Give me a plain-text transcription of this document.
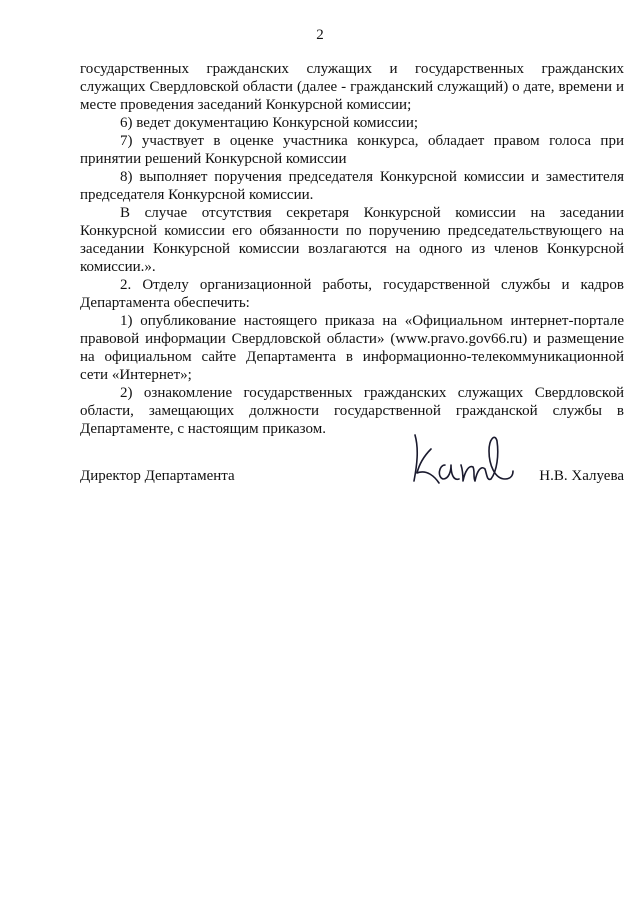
2

государственных гражданских служащих и государственных гражданских служащих Свердловской области (далее - гражданский служащий) о дате, времени и месте проведения заседаний Конкурсной комиссии;

6) ведет документацию Конкурсной комиссии;

7) участвует в оценке участника конкурса, обладает правом голоса при принятии решений Конкурсной комиссии

8) выполняет поручения председателя Конкурсной комиссии и заместителя председателя Конкурсной комиссии.

В случае отсутствия секретаря Конкурсной комиссии на заседании Конкурсной комиссии его обязанности по поручению председательствующего на заседании Конкурсной комиссии возлагаются на одного из членов Конкурсной комиссии.».

2. Отделу организационной работы, государственной службы и кадров Департамента обеспечить:

1) опубликование настоящего приказа на «Официальном интернет-портале правовой информации Свердловской области» (www.pravo.gov66.ru) и размещение на официальном сайте Департамента в информационно-телекоммуникационной сети «Интернет»;

2) ознакомление государственных гражданских служащих Свердловской области, замещающих должности государственной гражданской службы в Департаменте, с настоящим приказом.

Директор Департамента	Н.В. Халуева
